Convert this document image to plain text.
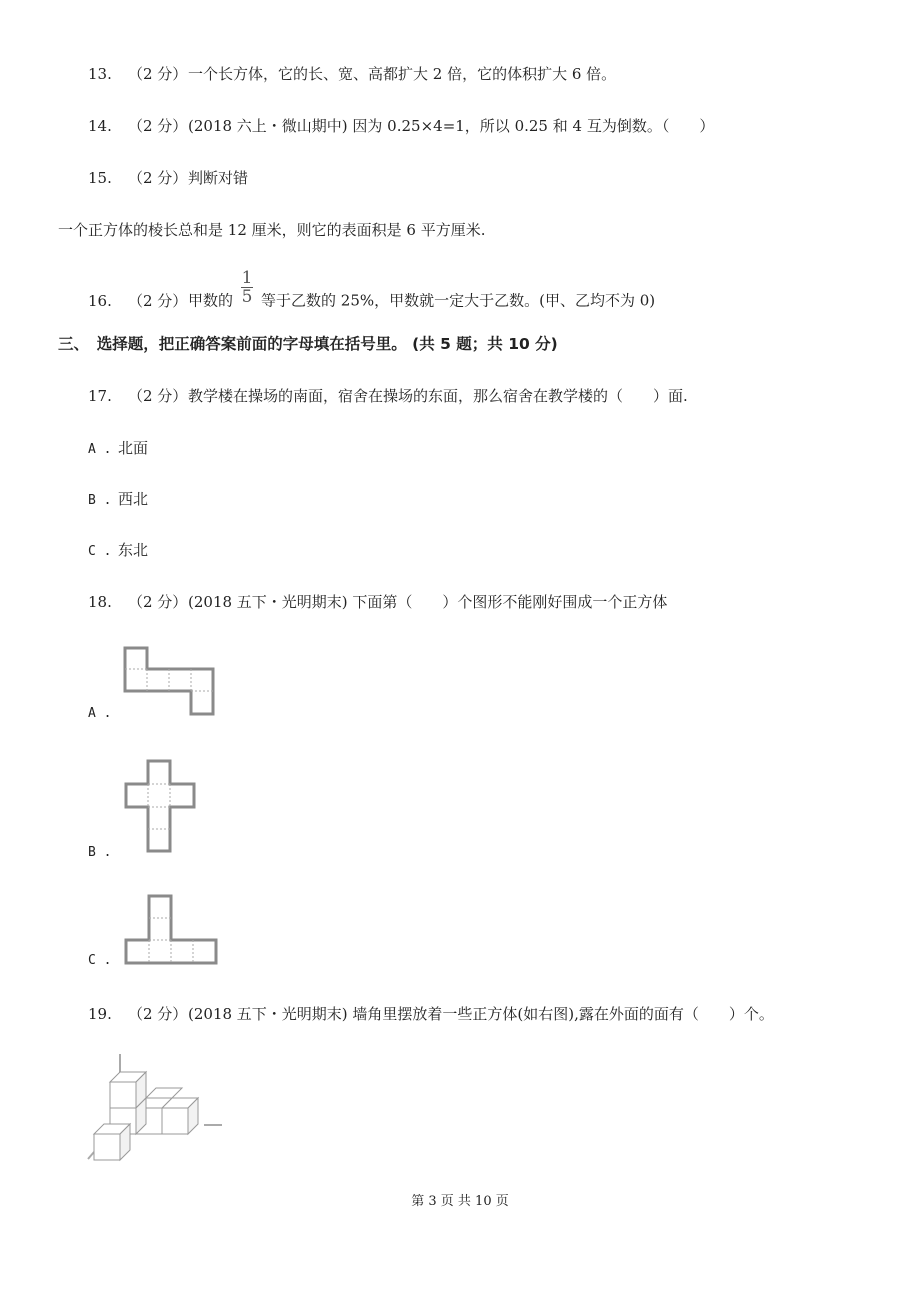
13. （2 分）一个长方体，它的长、宽、高都扩大 2 倍，它的体积扩大 6 倍。
14. （2 分）(2018 六上・微山期中) 因为 0.25×4=1，所以 0.25 和 4 互为倒数。（　　）
15. （2 分）判断对错
一个正方体的棱长总和是 12 厘米，则它的表面积是 6 平方厘米.
16. （2 分）甲数的 $\frac{1}{5}$ 等于乙数的 25%，甲数就一定大于乙数。(甲、乙均不为 0)
三、　选择题，把正确答案前面的字母填在括号里。 (共 5 题；共 10 分)
17. （2 分）教学楼在操场的南面，宿舍在操场的东面，那么宿舍在教学楼的（　　）面.
A . 北面
B . 西北
C . 东北
18. （2 分）(2018 五下・光明期末) 下面第（　　）个图形不能刚好围成一个正方体
A .
B .
C .
19. （2 分）(2018 五下・光明期末) 墙角里摆放着一些正方体(如右图),露在外面的面有（　　）个。
第 3 页 共 10 页
